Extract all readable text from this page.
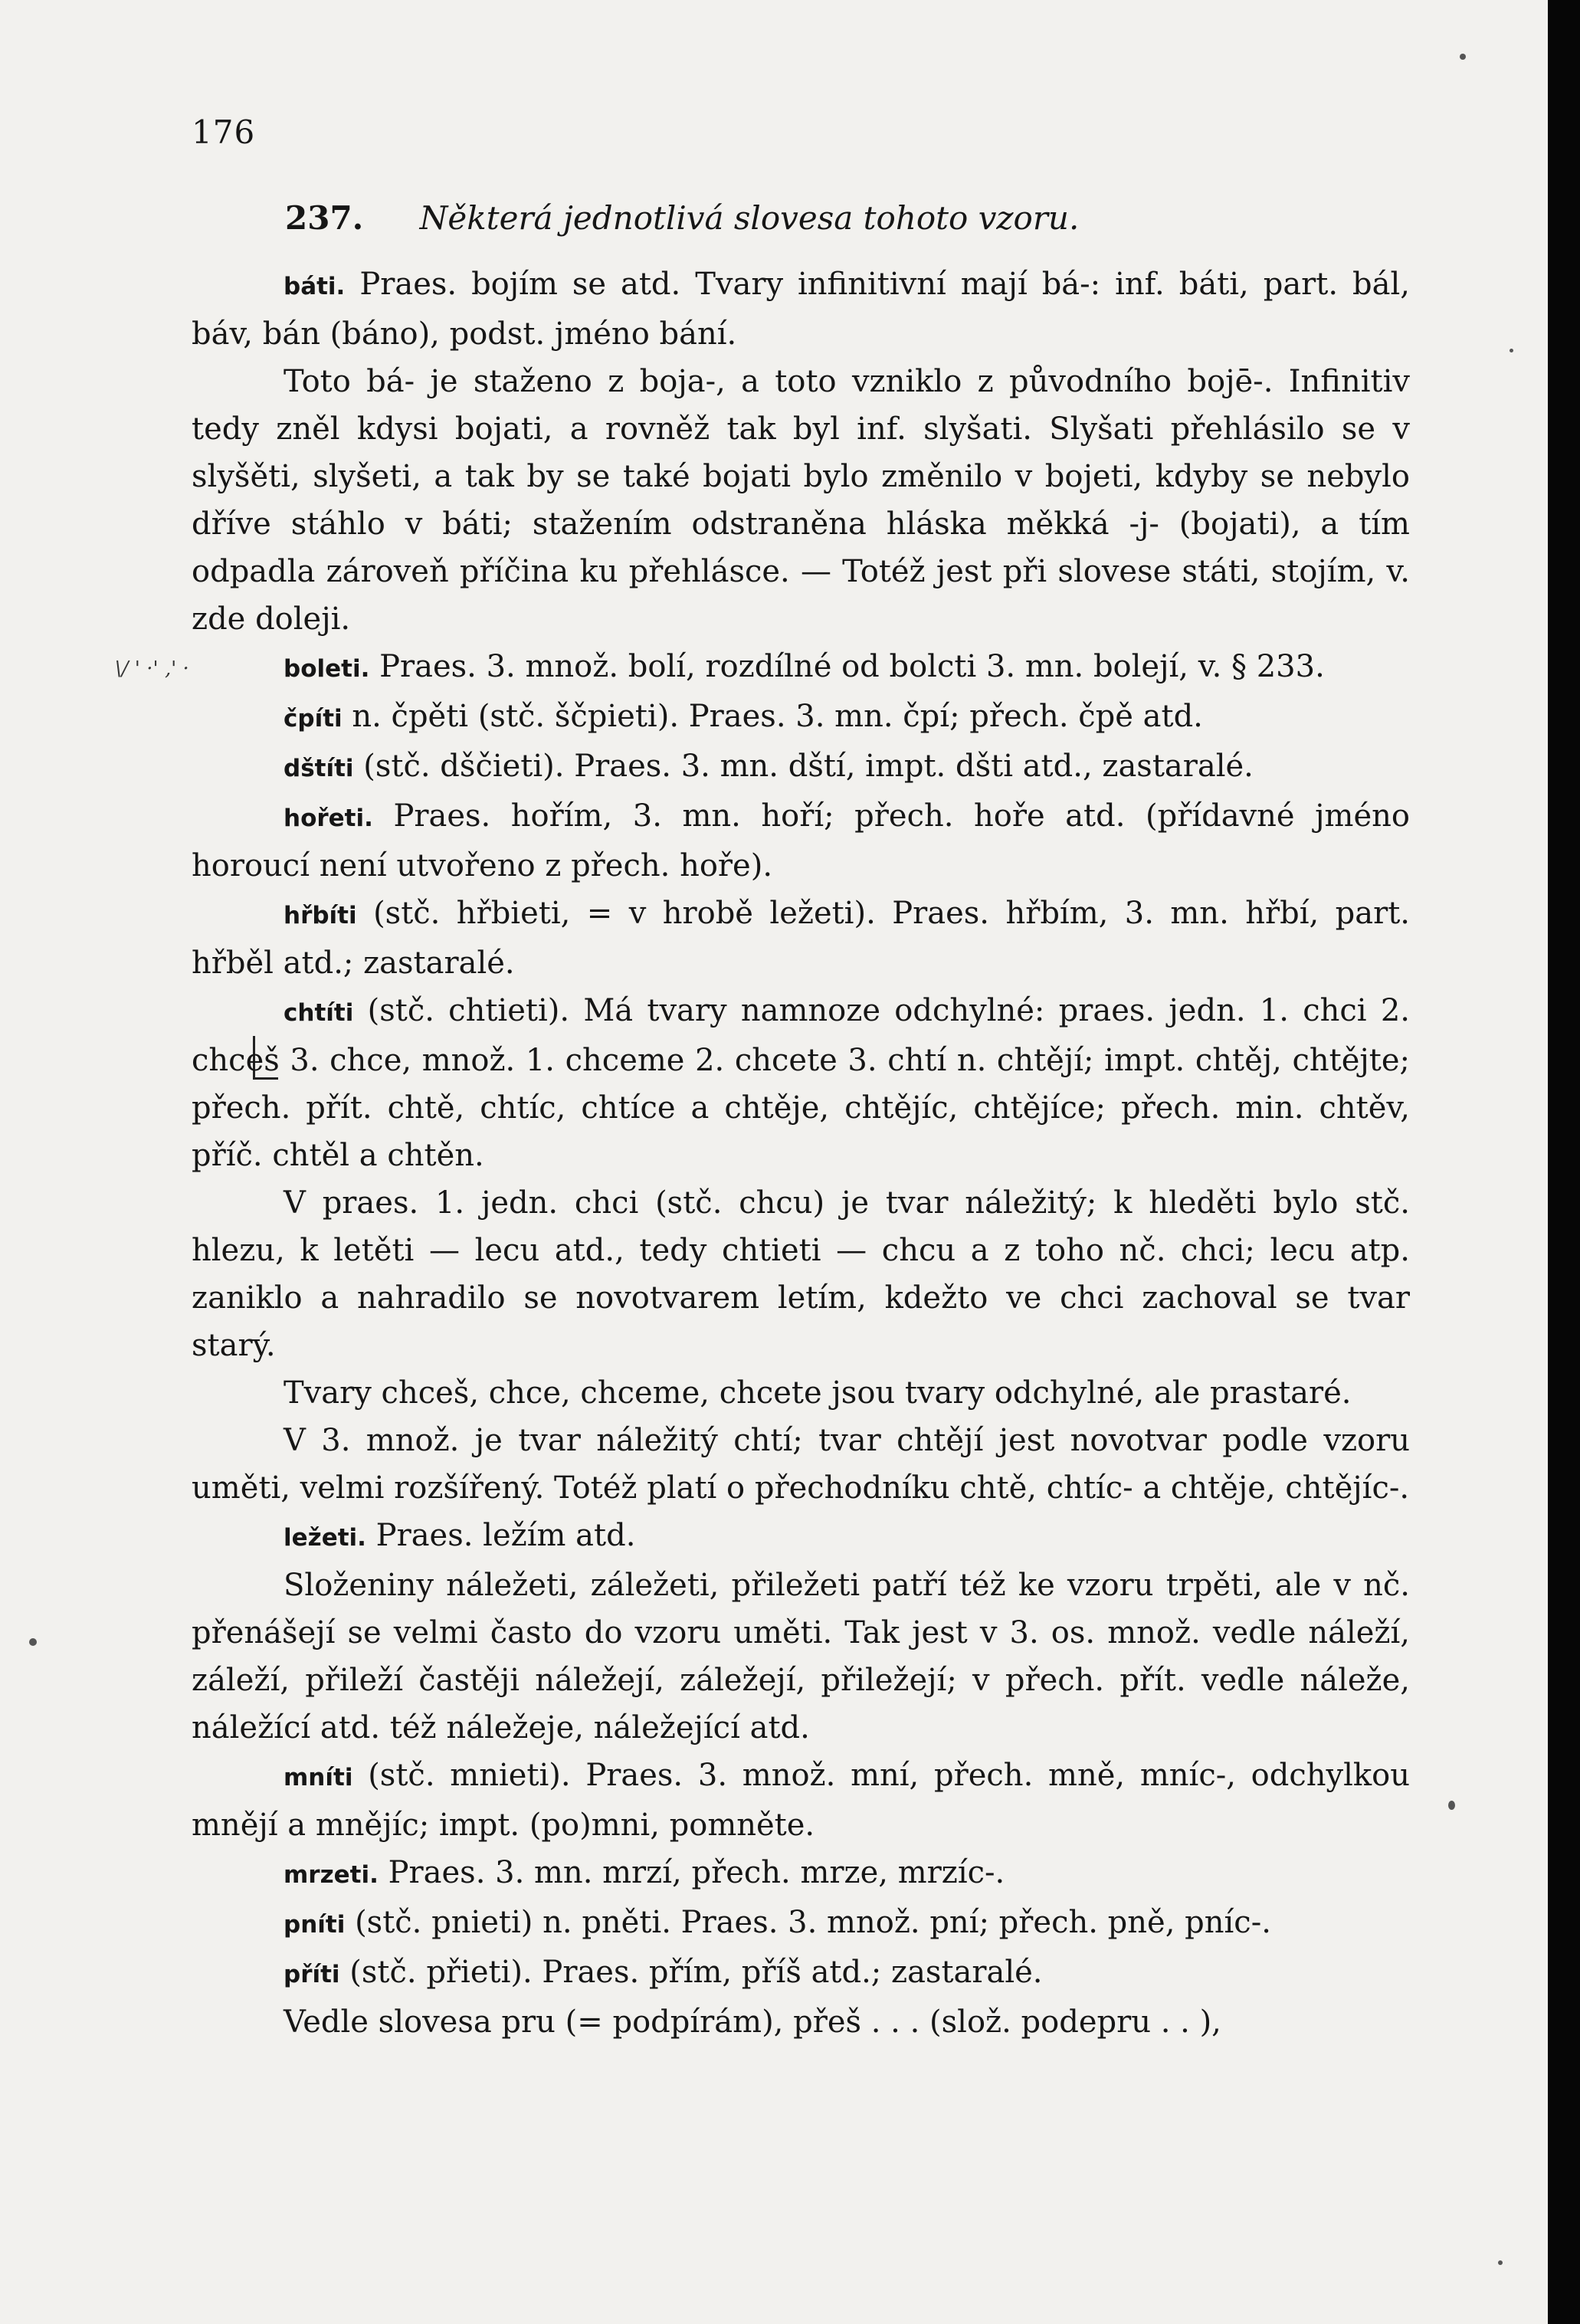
176
237. Některá jednotlivá slovesa tohoto vzoru.
\/ ' ·' ‚' ·

báti. Praes. bojím se atd. Tvary infinitivní mají bá-: inf. báti, part. bál, báv, bán (báno), podst. jméno bání.

Toto bá- je staženo z boja-, a toto vzniklo z původního bojē-. Infinitiv tedy zněl kdysi bojati, a rovněž tak byl inf. slyšati. Slyšati přehlásilo se v slyšěti, slyšeti, a tak by se také bojati bylo změnilo v bojeti, kdyby se nebylo dříve stáhlo v báti; stažením odstraněna hláska měkká -j- (bojati), a tím odpadla zároveň příčina ku přehlásce. — Totéž jest při slovese státi, stojím, v. zde doleji.

boleti. Praes. 3. množ. bolí, rozdílné od bolcti 3. mn. bolejí, v. § 233.

čpíti n. čpěti (stč. ščpieti). Praes. 3. mn. čpí; přech. čpě atd.

dštíti (stč. dščieti). Praes. 3. mn. dští, impt. dšti atd., zastaralé.

hořeti. Praes. hořím, 3. mn. hoří; přech. hoře atd. (přídavné jméno horoucí není utvořeno z přech. hoře).

hřbíti (stč. hřbieti, = v hrobě ležeti). Praes. hřbím, 3. mn. hřbí, part. hřběl atd.; zastaralé.

chtíti (stč. chtieti). Má tvary namnoze odchylné: praes. jedn. 1. chci 2. chceš 3. chce, množ. 1. chceme 2. chcete 3. chtí n. chtějí; impt. chtěj, chtějte; přech. přít. chtě, chtíc, chtíce a chtěje, chtějíc, chtějíce; přech. min. chtěv, příč. chtěl a chtěn.

V praes. 1. jedn. chci (stč. chcu) je tvar náležitý; k hleděti bylo stč. hlezu, k letěti — lecu atd., tedy chtieti — chcu a z toho nč. chci; lecu atp. zaniklo a nahradilo se novotvarem letím, kdežto ve chci zachoval se tvar starý.

Tvary chceš, chce, chceme, chcete jsou tvary odchylné, ale prastaré.

V 3. množ. je tvar náležitý chtí; tvar chtějí jest novotvar podle vzoru uměti, velmi rozšířený. Totéž platí o přechodníku chtě, chtíc- a chtěje, chtějíc-.

ležeti. Praes. ležím atd.

Složeniny náležeti, záležeti, přiležeti patří též ke vzoru trpěti, ale v nč. přenášejí se velmi často do vzoru uměti. Tak jest v 3. os. množ. vedle náleží, záleží, přileží častěji náležejí, záležejí, přiležejí; v přech. přít. vedle náleže, náležící atd. též náležeje, náležející atd.

mníti (stč. mnieti). Praes. 3. množ. mní, přech. mně, mníc-, odchylkou mnějí a mnějíc; impt. (po)mni, pomněte.

mrzeti. Praes. 3. mn. mrzí, přech. mrze, mrzíc-.

pníti (stč. pnieti) n. pněti. Praes. 3. množ. pní; přech. pně, pníc-.

příti (stč. přieti). Praes. přím, příš atd.; zastaralé.

Vedle slovesa pru (= podpírám), přeš . . . (slož. podepru . . ),
